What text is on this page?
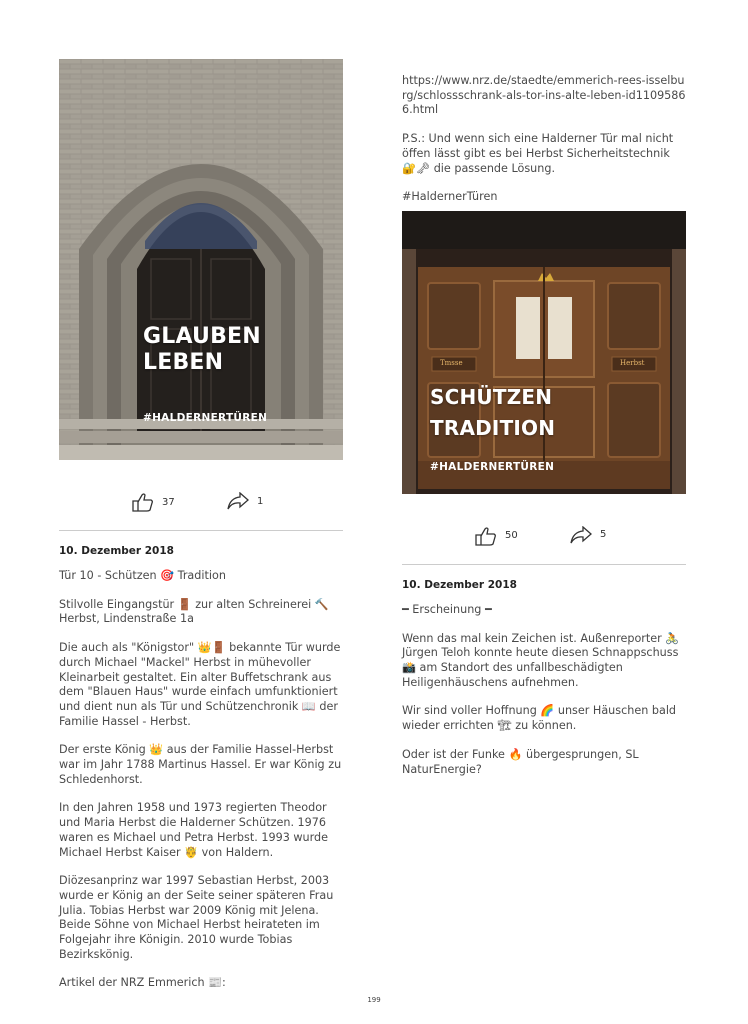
GLAUBEN
LEBEN
#HALDERNERTÜREN
37	1
10. Dezember 2018

Tür 10 - Schützen 🎯 Tradition

Stilvolle Eingangstür 🚪 zur alten Schreinerei 🔨 Herbst, Lindenstraße 1a

Die auch als "Königstor" 👑🚪 bekannte Tür wurde durch Michael "Mackel" Herbst in mühevoller Kleinarbeit gestaltet. Ein alter Buffetschrank aus dem "Blauen Haus" wurde einfach umfunktioniert und dient nun als Tür und Schützenchronik 📖 der Familie Hassel - Herbst.

Der erste König 👑 aus der Familie Hassel-Herbst war im Jahr 1788 Martinus Hassel. Er war König zu Schledenhorst.

In den Jahren 1958 und 1973 regierten Theodor und Maria Herbst die Halderner Schützen. 1976 waren es Michael und Petra Herbst. 1993 wurde Michael Herbst Kaiser 🤴 von Haldern.

Diözesanprinz war 1997 Sebastian Herbst, 2003 wurde er König an der Seite seiner späteren Frau Julia. Tobias Herbst war 2009 König mit Jelena. Beide Söhne von Michael Herbst heirateten im Folgejahr ihre Königin. 2010 wurde Tobias Bezirkskönig.

Artikel der NRZ Emmerich 📰:

https://www.nrz.de/staedte/emmerich-rees-isselburg/schlossschrank-als-tor-ins-alte-leben-id11095866.html

P.S.: Und wenn sich eine Halderner Tür mal nicht öffen lässt gibt es bei Herbst Sicherheitstechnik 🔐🗝 die passende Lösung.

#HaldernerTüren

Tmsse	Herbst
SCHÜTZEN
TRADITION
#HALDERNERTÜREN
50	5
10. Dezember 2018

━ Erscheinung ━

Wenn das mal kein Zeichen ist. Außenreporter 🚴 Jürgen Teloh konnte heute diesen Schnappschuss 📸 am Standort des unfallbeschädigten Heiligenhäuschens aufnehmen.

Wir sind voller Hoffnung 🌈 unser Häuschen bald wieder errichten 🏗 zu können.

Oder ist der Funke 🔥 übergesprungen, SL NaturEnergie?

199
